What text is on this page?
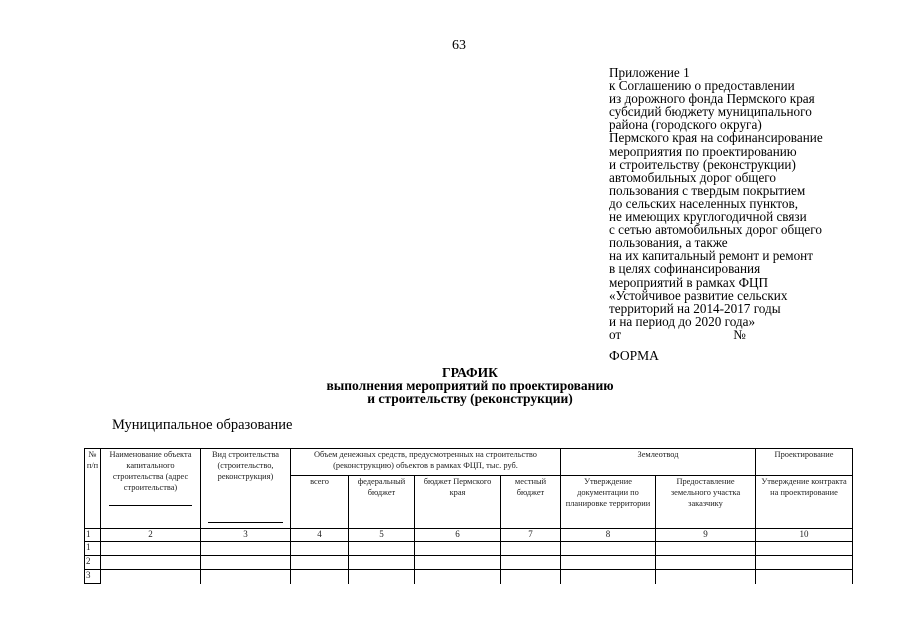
63
Приложение 1
к Соглашению о предоставлении
из дорожного фонда Пермского края
субсидий бюджету муниципального
района (городского округа)
Пермского края на софинансирование
мероприятия по проектированию
и строительству (реконструкции)
автомобильных дорог общего
пользования с твердым покрытием
до сельских населенных пунктов,
не имеющих круглогодичной связи
с сетью автомобильных дорог общего
пользования, а также
на их капитальный ремонт и ремонт
в целях софинансирования
мероприятий в рамках ФЦП
«Устойчивое развитие сельских
территорий на 2014-2017 годы
и на период до 2020 года»
от	№
ФОРМА
ГРАФИК
выполнения мероприятий по проектированию
и строительству (реконструкции)
Муниципальное образование
№ п/п	Наименование объекта капитального строительства (адрес строительства)	Вид строительства (строительство, реконструкция)	Объем денежных средств, предусмотренных на строительство (реконструкцию) объектов в рамках ФЦП, тыс. руб.				Землеотвод		Проектирование
			всего	федеральный бюджет	бюджет Пермского края	местный бюджет	Утверждение документации по планировке территории	Предоставление земельного участка заказчику	Утверждение контракта на проектирование
1	2	3	4	5	6	7	8	9	10
1									
2									
3									
